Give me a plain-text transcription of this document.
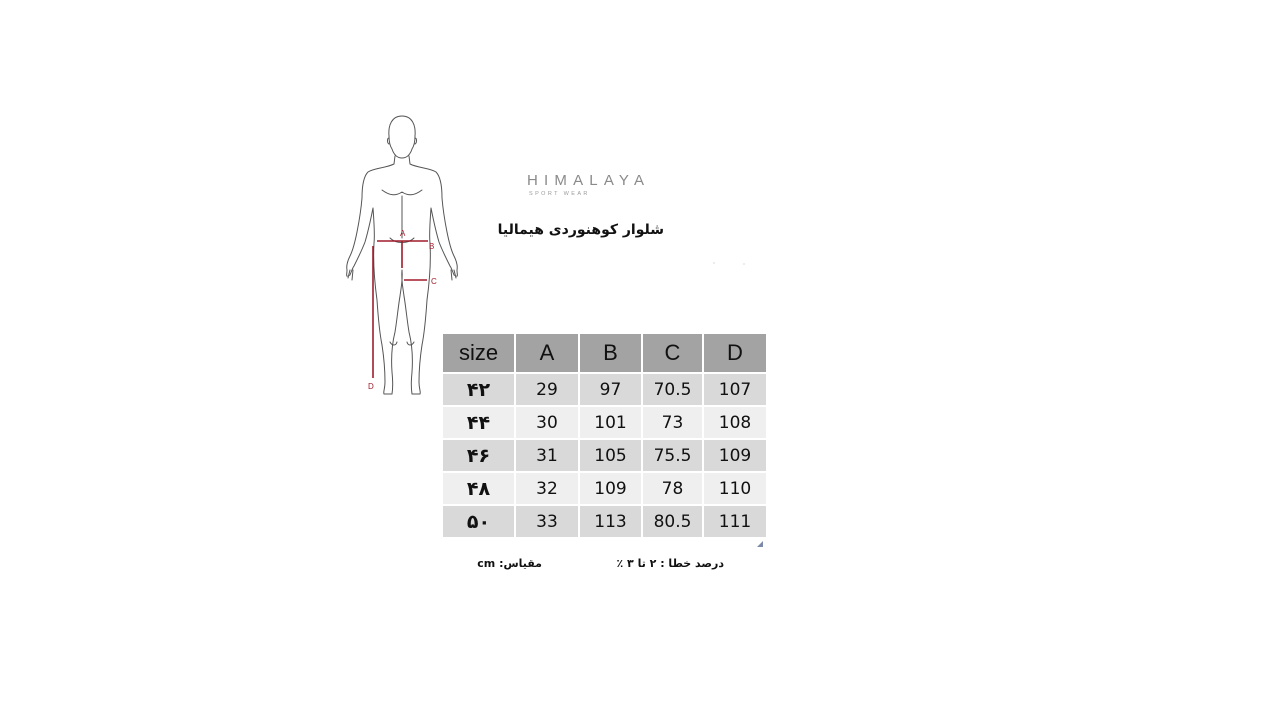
A
B
C
D
HIMALAYA
SPORT WEAR
شلوار کوهنوردی هیمالیا
size	A	B	C	D
۴۲	29	97	70.5	107
۴۴	30	101	73	108
۴۶	31	105	75.5	109
۴۸	32	109	78	110
۵۰	33	113	80.5	111
مقیاس: cm	درصد خطا : ۲ تا ۳ ٪
